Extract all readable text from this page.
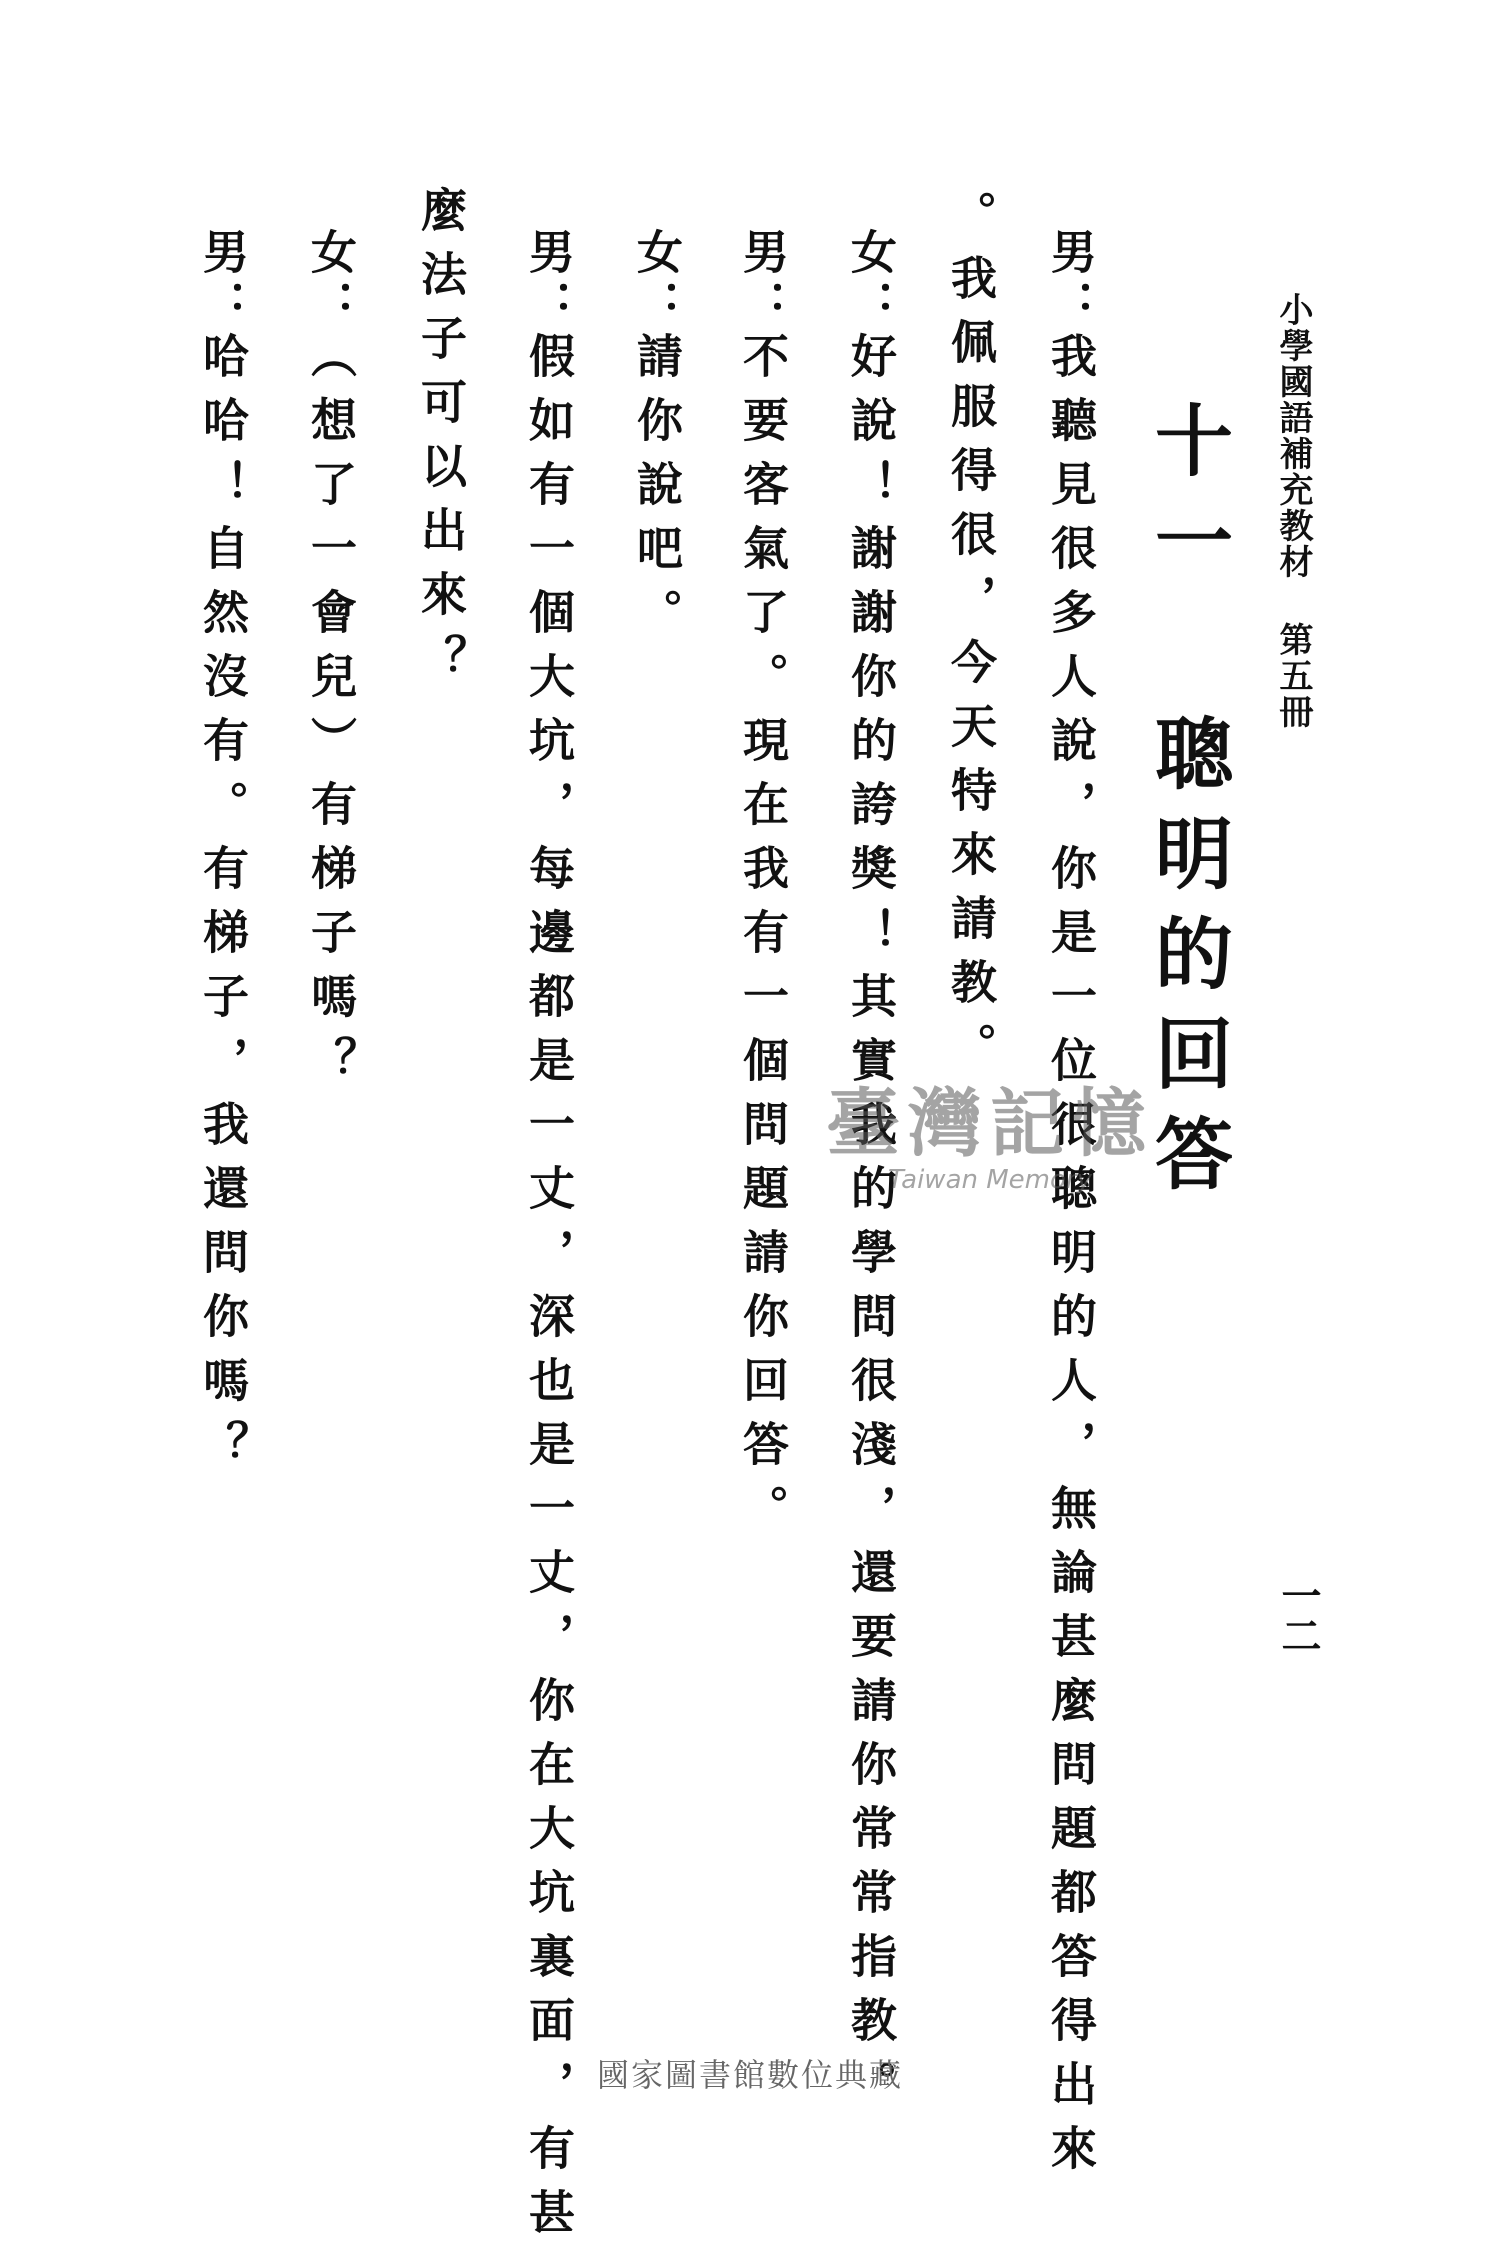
小學國語補充教材 第五冊
一二
十一 聰明的回答
男：我聽見很多人說，你是一位很聰明的人，無論甚麼問題都答得出來
。我佩服得很，今天特來請教。
女：好說！謝謝你的誇獎！其實我的學問很淺，還要請你常常指教。
男：不要客氣了。現在我有一個問題請你回答。
女：請你說吧。
男：假如有一個大坑，每邊都是一丈，深也是一丈，你在大坑裏面，有甚
麼法子可以出來？
女：（想了一會兒）有梯子嗎？
男：哈哈！自然沒有。有梯子，我還問你嗎？	臺灣記憶
Taiwan Memory
國家圖書館數位典藏
